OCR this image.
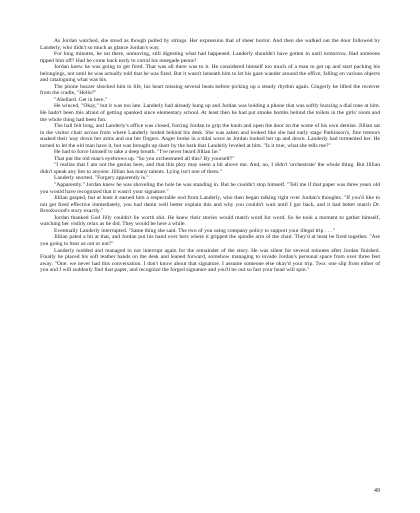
As Jordan watched, she stood as though pulled by strings. Her expression that of sheer horror. And then she walked out the door followed by Landerly, who didn't so much as glance Jordan's way.

For long minutes, he sat there, unmoving, still digesting what had happened. Landerly shouldn't have gotten in until tomorrow. Had someone tipped him off? Had he come back early to corral his renegade peons?

Jordan knew he was going to get fired. That was all there was to it. He considered himself too much of a man to get up and start packing his belongings, not until he was actually told that he was fired. But it wasn't beneath him to let his gaze wander around the office, falling on various objects and cataloguing what was his.

The phone buzzer shocked him to life, his heart missing several beats before picking up a steady rhythm again. Gingerly he lifted the receiver from the cradle, "Hello?"

"Abellard. Get in here."

He winced, "Okay," but it was too late. Landerly had already hung up and Jordan was holding a phone that was softly buzzing a dial tone at him. He hadn't been this afraid of getting spanked since elementary school. At least then he had put smoke bombs behind the toilets in the girls' room and the whole thing had been fun.

The hall felt long, and Landerly's office was closed, forcing Jordan to grip the knob and open the door on the scene of his own demise. Jillian sat in the visitor chair across from where Landerly lorded behind his desk. She was ashen and looked like she had early stage Parkinson's, fine tremors snaked their way down her arms and out her fingers. Anger broke in a tidal wave as Jordan looked her up and down. Landerly had tormented her. He turned to let the old man have it, but was brought up short by the bark that Landerly leveled at him. "Is it true, what she tells me?"

He had to force himself to take a deep breath. "I've never heard Jillian lie."

That put the old man's eyebrows up. "So you orchestrated all this? By yourself?"

"I realize that I am not the genius here, and that this ploy may seem a bit above me. And, no, I didn't 'orchestrate' the whole thing. But Jillian didn't speak any lies to anyone. Jillian has many talents. Lying isn't one of them."

Landerly snorted. "Forgery apparently is."

"Apparently." Jordan knew he was shoveling the hole he was standing in. But he couldn't stop himself. "Tell me if that paper was three years old you would have recognized that it wasn't your signature."

Jillian gasped, but at least it earned him a respectable nod from Landerly, who then began talking right over Jordan's thoughts. "If you'd like to not get fired effective immediately, you had damn well better explain this and why you couldn't wait until I got back, and it had better match Dr. Brookwood's story exactly."

Jordan thanked God Jilly couldn't lie worth shit. He knew their stories would match word for word. So he took a moment to gather himself, watching her visibly relax as he did. They would be here a while.

Eventually Landerly interrupted. "Same thing she said. The two of you using company policy to support your illegal trip . . . "

Jillian paled a bit at that, and Jordan put his hand over hers where it gripped the spindle arm of the chair. They'd at least be fired together. "Are you going to hear us out or not?"

Landerly nodded and managed to not interrupt again for the remainder of the story. He was silent for several minutes after Jordan finished. Finally he placed his soft leather hands on the desk and leaned forward, somehow managing to invade Jordan's personal space from over three feet away. "One: we never had this conversation. I don't know about that signature. I assume someone else okay'd your trip. Two: one slip from either of you and I will suddenly find that paper, and recognize the forged signature and you'll be out so fast your head will spin."

49
